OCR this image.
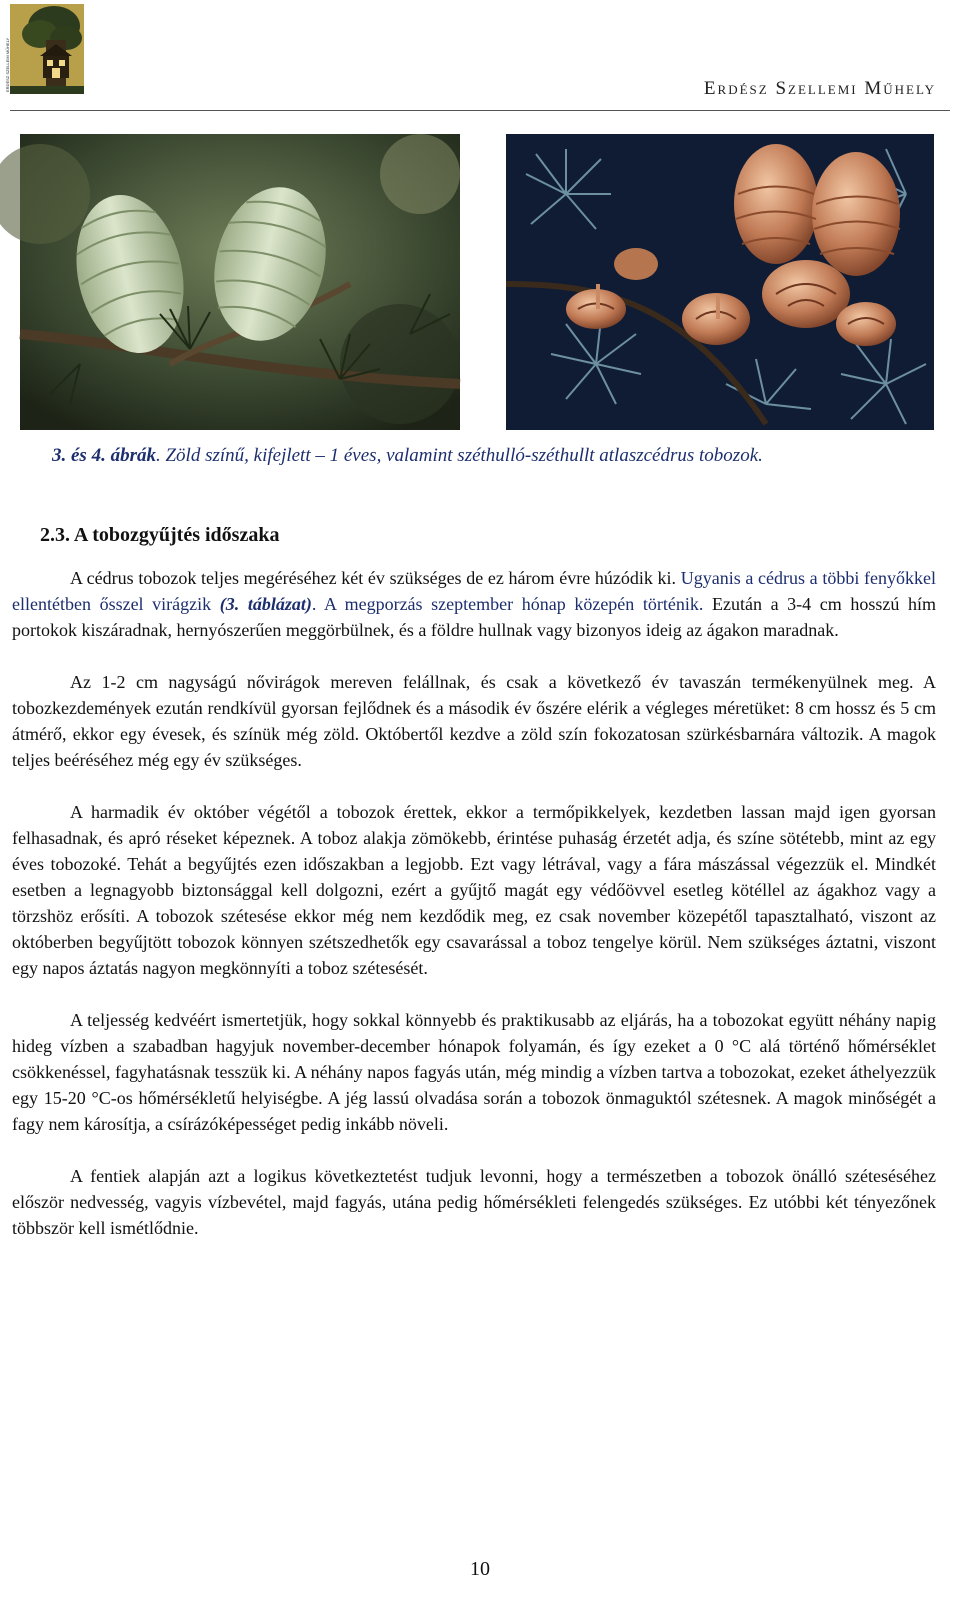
ERDÉSZ SZELLEMI MŰHELY	Erdész Szellemi Műhely
3. és 4. ábrák. Zöld színű, kifejlett – 1 éves, valamint széthulló-széthullt atlaszcédrus tobozok.
2.3. A tobozgyűjtés időszaka

A cédrus tobozok teljes megéréséhez két év szükséges de ez három évre húzódik ki. Ugyanis a cédrus a többi fenyőkkel ellentétben ősszel virágzik (3. táblázat). A megporzás szeptember hónap közepén történik. Ezután a 3-4 cm hosszú hím portokok kiszáradnak, hernyószerűen meggörbülnek, és a földre hullnak vagy bizonyos ideig az ágakon maradnak.

Az 1-2 cm nagyságú nővirágok mereven felállnak, és csak a következő év tavaszán termékenyülnek meg. A tobozkezdemények ezután rendkívül gyorsan fejlődnek és a második év őszére elérik a végleges méretüket: 8 cm hossz és 5 cm átmérő, ekkor egy évesek, és színük még zöld. Októbertől kezdve a zöld szín fokozatosan szürkésbarnára változik. A magok teljes beéréséhez még egy év szükséges.

A harmadik év október végétől a tobozok érettek, ekkor a termőpikkelyek, kezdetben lassan majd igen gyorsan felhasadnak, és apró réseket képeznek. A toboz alakja zömökebb, érintése puhaság érzetét adja, és színe sötétebb, mint az egy éves tobozoké. Tehát a begyűjtés ezen időszakban a legjobb. Ezt vagy létrával, vagy a fára mászással végezzük el. Mindkét esetben a legnagyobb biztonsággal kell dolgozni, ezért a gyűjtő magát egy védőövvel esetleg kötéllel az ágakhoz vagy a törzshöz erősíti. A tobozok szétesése ekkor még nem kezdődik meg, ez csak november közepétől tapasztalható, viszont az októberben begyűjtött tobozok könnyen szétszedhetők egy csavarással a toboz tengelye körül. Nem szükséges áztatni, viszont egy napos áztatás nagyon megkönnyíti a toboz szétesését.

A teljesség kedvéért ismertetjük, hogy sokkal könnyebb és praktikusabb az eljárás, ha a tobozokat együtt néhány napig hideg vízben a szabadban hagyjuk november-december hónapok folyamán, és így ezeket a 0 °C alá történő hőmérséklet csökkenéssel, fagyhatásnak tesszük ki. A néhány napos fagyás után, még mindig a vízben tartva a tobozokat, ezeket áthelyezzük egy 15-20 °C-os hőmérsékletű helyiségbe. A jég lassú olvadása során a tobozok önmaguktól szétesnek. A magok minőségét a fagy nem károsítja, a csírázóképességet pedig inkább növeli.

A fentiek alapján azt a logikus következtetést tudjuk levonni, hogy a természetben a tobozok önálló széteséséhez először nedvesség, vagyis vízbevétel, majd fagyás, utána pedig hőmérsékleti felengedés szükséges. Ez utóbbi két tényezőnek többször kell ismétlődnie.

10
